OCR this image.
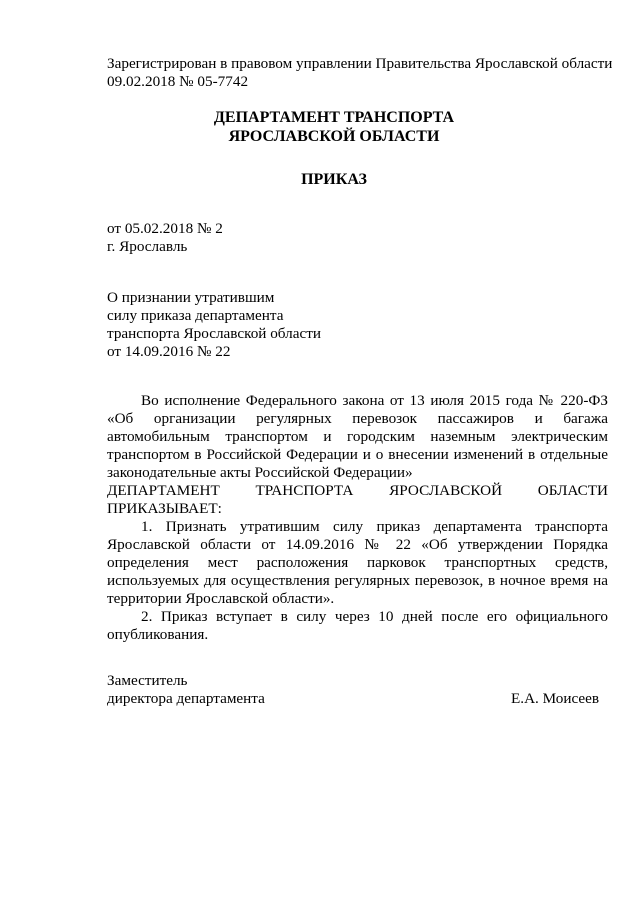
Зарегистрирован в правовом управлении Правительства Ярославской области
09.02.2018 № 05-7742
ДЕПАРТАМЕНТ ТРАНСПОРТА
ЯРОСЛАВСКОЙ ОБЛАСТИ
ПРИКАЗ
от 05.02.2018 № 2
г. Ярославль
О признании утратившим
силу приказа департамента
транспорта Ярославской области
от 14.09.2016 № 22

Во исполнение Федерального закона от 13 июля 2015 года № 220-ФЗ

«Об организации регулярных перевозок пассажиров и багажа

автомобильным транспортом и городским наземным электрическим

транспортом в Российской Федерации и о внесении изменений в отдельные

законодательные акты Российской Федерации»

ДЕПАРТАМЕНТ ТРАНСПОРТА ЯРОСЛАВСКОЙ ОБЛАСТИ

ПРИКАЗЫВАЕТ:

1. Признать утратившим силу приказ департамента транспорта

Ярославской области от 14.09.2016 № 22 «Об утверждении Порядка

определения мест расположения парковок транспортных средств,

используемых для осуществления регулярных перевозок, в ночное время на

территории Ярославской области».

2. Приказ вступает в силу через 10 дней после его официального

опубликования.

Заместитель
директора департамента	Е.А. Моисеев
